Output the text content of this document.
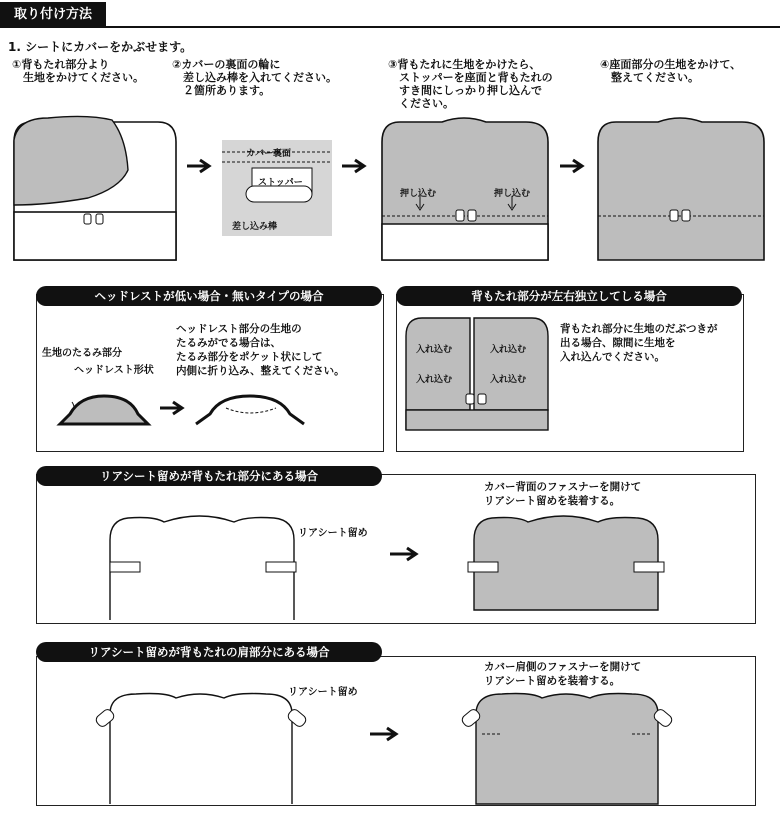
取り付け方法
1. シートにカバーをかぶせます。
①背もたれ部分より
　生地をかけてください。
②カバーの裏面の輪に
　差し込み棒を入れてください。
　２箇所あります。
③背もたれに生地をかけたら、
　ストッパーを座面と背もたれの
　すき間にしっかり押し込んで
　ください。
④座面部分の生地をかけて、
　整えてください。
カバー裏面
ストッパー
差し込み棒
押し込む	押し込む
ヘッドレストが低い場合・無いタイプの場合
ヘッドレスト部分の生地の
たるみがでる場合は、
たるみ部分をポケット状にして
内側に折り込み、整えてください。
生地のたるみ部分
ヘッドレスト形状
背もたれ部分が左右独立してしる場合
入れ込む	入れ込む
入れ込む	入れ込む
背もたれ部分に生地のだぶつきが
出る場合、隙間に生地を
入れ込んでください。
リアシート留めが背もたれ部分にある場合
リアシート留め
カバー背面のファスナーを開けて
リアシート留めを装着する。
リアシート留めが背もたれの肩部分にある場合
リアシート留め
カバー肩側のファスナーを開けて
リアシート留めを装着する。
